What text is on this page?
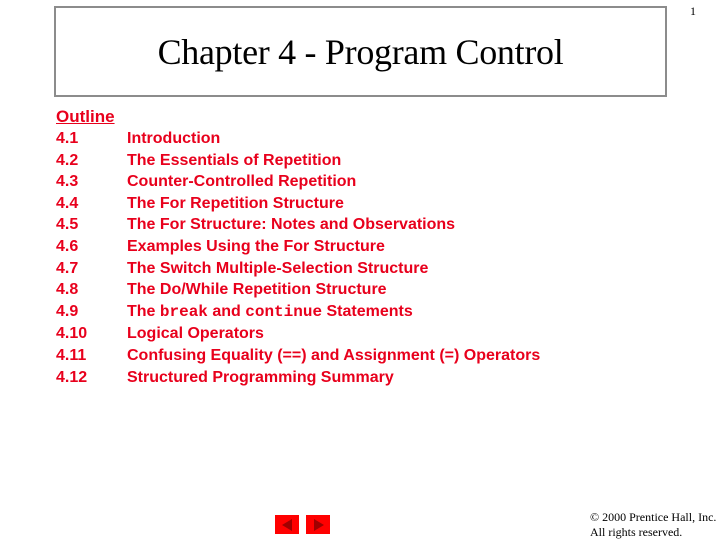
1
Chapter 4 - Program Control
Outline
4.1	Introduction
4.2	The Essentials of Repetition
4.3	Counter-Controlled Repetition
4.4	The For Repetition Structure
4.5	The For Structure: Notes and Observations
4.6	Examples Using the For Structure
4.7	The Switch Multiple-Selection Structure
4.8	The Do/While Repetition Structure
4.9	The break and continue Statements
4.10	Logical Operators
4.11	Confusing Equality (==) and Assignment (=) Operators
4.12	Structured Programming Summary
© 2000 Prentice Hall, Inc.
All rights reserved.
